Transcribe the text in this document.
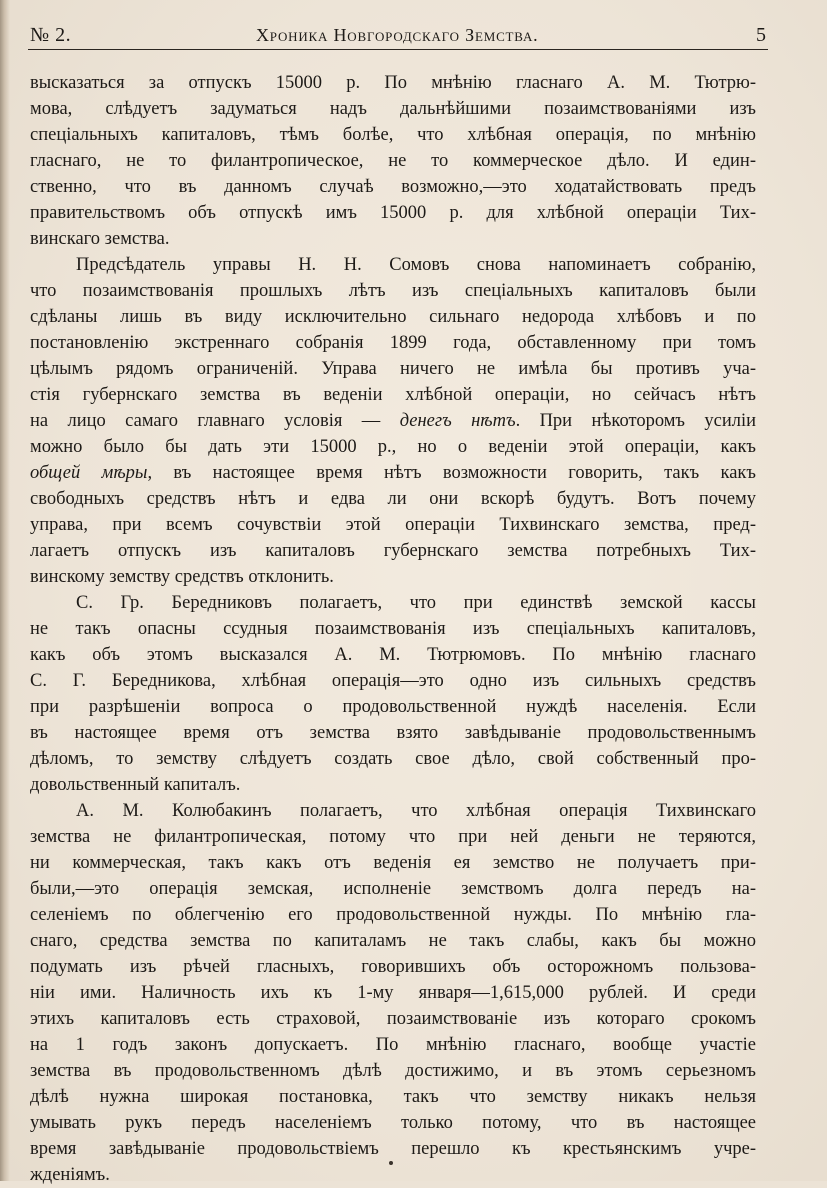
№ 2.	Хроника Новгородскаго Земства.	5
высказаться за отпускъ 15000 р. По мнѣнію гласнаго А. М. Тютрю-
мова, слѣдуетъ задуматься надъ дальнѣйшими позаимствованіями изъ
спеціальныхъ капиталовъ, тѣмъ болѣе, что хлѣбная операція, по мнѣнію
гласнаго, не то филантропическое, не то коммерческое дѣло. И един-
ственно, что въ данномъ случаѣ возможно,—это ходатайствовать предъ
правительствомъ объ отпускѣ имъ 15000 р. для хлѣбной операціи Тих-
винскаго земства.
Предсѣдатель управы Н. Н. Сомовъ снова напоминаетъ собранію,
что позаимствованія прошлыхъ лѣтъ изъ спеціальныхъ капиталовъ были
сдѣланы лишь въ виду исключительно сильнаго недорода хлѣбовъ и по
постановленію экстреннаго собранія 1899 года, обставленному при томъ
цѣлымъ рядомъ ограниченій. Управа ничего не имѣла бы противъ уча-
стія губернскаго земства въ веденіи хлѣбной операціи, но сейчасъ нѣтъ
на лицо самаго главнаго условія — денегъ нѣтъ. При нѣкоторомъ усиліи
можно было бы дать эти 15000 р., но о веденіи этой операціи, какъ
общей мѣры, въ настоящее время нѣтъ возможности говорить, такъ какъ
свободныхъ средствъ нѣтъ и едва ли они вскорѣ будутъ. Вотъ почему
управа, при всемъ сочувствіи этой операціи Тихвинскаго земства, пред-
лагаетъ отпускъ изъ капиталовъ губернскаго земства потребныхъ Тих-
винскому земству средствъ отклонить.
С. Гр. Бередниковъ полагаетъ, что при единствѣ земской кассы
не такъ опасны ссудныя позаимствованія изъ спеціальныхъ капиталовъ,
какъ объ этомъ высказался А. М. Тютрюмовъ. По мнѣнію гласнаго
С. Г. Бередникова, хлѣбная операція—это одно изъ сильныхъ средствъ
при разрѣшеніи вопроса о продовольственной нуждѣ населенія. Если
въ настоящее время отъ земства взято завѣдываніе продовольственнымъ
дѣломъ, то земству слѣдуетъ создать свое дѣло, свой собственный про-
довольственный капиталъ.
А. М. Колюбакинъ полагаетъ, что хлѣбная операція Тихвинскаго
земства не филантропическая, потому что при ней деньги не теряются,
ни коммерческая, такъ какъ отъ веденія ея земство не получаетъ при-
были,—это операція земская, исполненіе земствомъ долга передъ на-
селеніемъ по облегченію его продовольственной нужды. По мнѣнію гла-
снаго, средства земства по капиталамъ не такъ слабы, какъ бы можно
подумать изъ рѣчей гласныхъ, говорившихъ объ осторожномъ пользова-
ніи ими. Наличность ихъ къ 1-му января—1,615,000 рублей. И среди
этихъ капиталовъ есть страховой, позаимствованіе изъ котораго срокомъ
на 1 годъ законъ допускаетъ. По мнѣнію гласнаго, вообще участіе
земства въ продовольственномъ дѣлѣ достижимо, и въ этомъ серьезномъ
дѣлѣ нужна широкая постановка, такъ что земству никакъ нельзя
умывать рукъ передъ населеніемъ только потому, что въ настоящее
время завѣдываніе продовольствіемъ перешло къ крестьянскимъ учре-
жденіямъ.
